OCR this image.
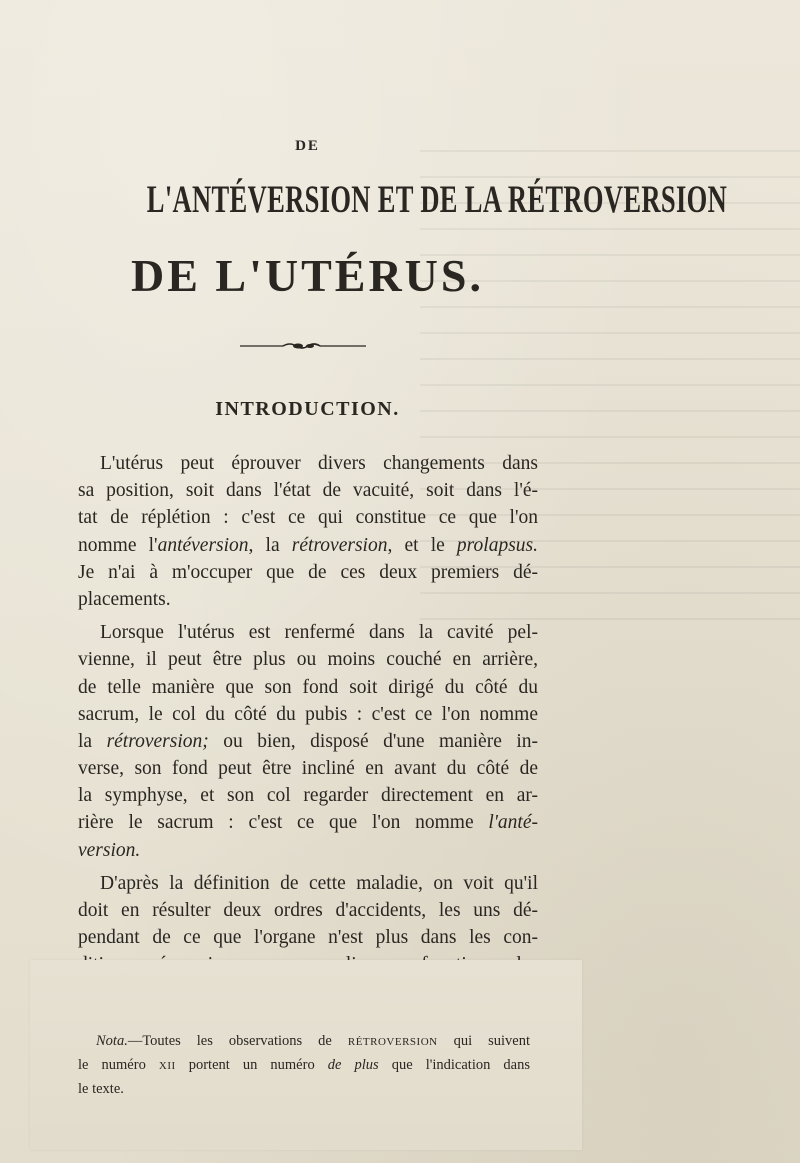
DE
L'ANTÉVERSION ET DE LA RÉTROVERSION
DE L'UTÉRUS.
INTRODUCTION.
L'utérus peut éprouver divers changements dans
sa position, soit dans l'état de vacuité, soit dans l'é-
tat de réplétion : c'est ce qui constitue ce que l'on
nomme l'antéversion, la rétroversion, et le prolapsus.
Je n'ai à m'occuper que de ces deux premiers dé-
placements.
Lorsque l'utérus est renfermé dans la cavité pel-
vienne, il peut être plus ou moins couché en arrière,
de telle manière que son fond soit dirigé du côté du
sacrum, le col du côté du pubis : c'est ce l'on nomme
la rétroversion; ou bien, disposé d'une manière in-
verse, son fond peut être incliné en avant du côté de
la symphyse, et son col regarder directement en ar-
rière le sacrum : c'est ce que l'on nomme l'anté-
version.
D'après la définition de cette maladie, on voit qu'il
doit en résulter deux ordres d'accidents, les uns dé-
pendant de ce que l'organe n'est plus dans les con-
Nota.—Toutes les observations de RÉTROVERSION qui suivent
le numéro XII portent un numéro de plus que l'indication dans
le texte.
